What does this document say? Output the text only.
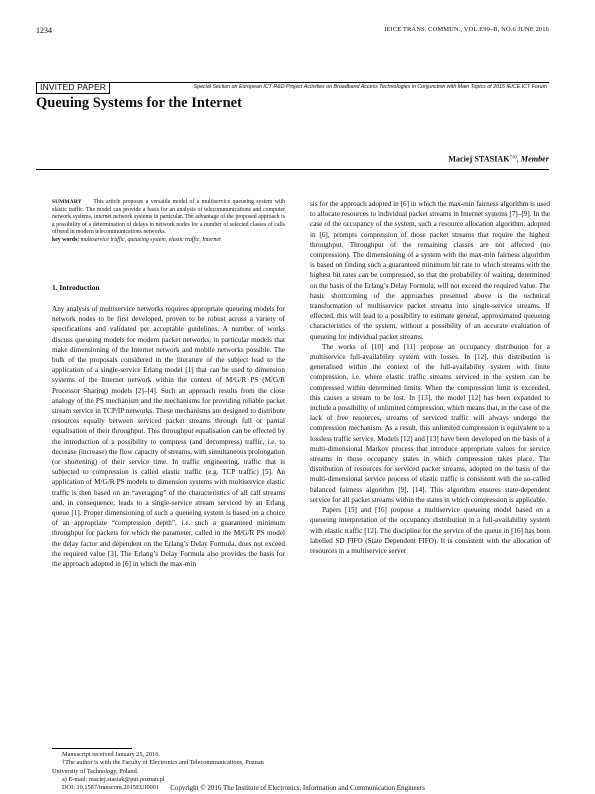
1234	IEICE TRANS. COMMUN., VOL.E99–B, NO.6 JUNE 2016
INVITED PAPER	Special Section on European ICT R&D Project Activities on Broadband Access Technologies in Conjunction with Main Topics of 2015 IEICE ICT Forum
Queuing Systems for the Internet
Maciej STASIAK$^{\dagger a)}$, Member
SUMMARY This article proposes a versatile model of a multiservice queueing system with elastic traffic. The model can provide a basis for an analysis of telecommunications and computer network systems, internet network systems in particular. The advantage of the proposed approach is a possibility of a determination of delays in network nodes for a number of selected classes of calls offered in modern telecommunications networks.
key words: multiservice traffic, queueing system, elastic traffic, Internet
1. Introduction

Any analysis of multiservice networks requires appropriate queueing models for network nodes to be first developed, proven to be robust across a variety of specifications and validated per acceptable guidelines. A number of works discuss queueing models for modern packet networks, in particular models that make dimensioning of the Internet network and mobile networks possible. The bulk of the proposals considered in the literature of the subject lead to the application of a single-service Erlang model [1] that can be used to dimension systems of the Internet network within the context of M/G/R PS (M/G/R Processor Sharing) models [2]–[4]. Such an approach results from the close analogy of the PS mechanism and the mechanisms for providing reliable packet stream service in TCP/IP networks. These mechanisms are designed to distribute resources equally between serviced packet streams through full or partial equalisation of their throughput. This throughput equalisation can be effected by the introduction of a possibility to compress (and decompress) traffic, i.e. to decrease (increase) the flow capacity of streams, with simultaneous prolongation (or shortening) of their service time. In traffic engineering, traffic that is subjected to compression is called elastic traffic (e.g. TCP traffic) [5]. An application of M/G/R PS models to dimension systems with multiservice elastic traffic is then based on an “averaging” of the characteristics of all call streams and, in consequence, leads to a single-service stream serviced by an Erlang queue [1]. Proper dimensioning of such a queueing system is based on a choice of an appropriate “compression depth”, i.e. such a guaranteed minimum throughput for packets for which the parameter, called in the M/G/R PS model the delay factor and dependent on the Erlang’s Delay Formula, does not exceed the required value [3]. The Erlang’s Delay Formula also provides the basis for the approach adopted in [6] in which the max-min

sis for the approach adopted in [6] in which the max-min fairness algorithm is used to allocate resources to individual packet streams in Internet systems [7]–[9]. In the case of the occupancy of the system, such a resource allocation algorithm, adopted in [6], prompts compression of those packet streams that require the highest throughput. Throughput of the remaining classes are not affected (no compression). The dimensioning of a system with the max-min fairness algorithm is based on finding such a guaranteed minimum bit rate to which streams with the highest bit rates can be compressed, so that the probability of waiting, determined on the basis of the Erlang’s Delay Formula, will not exceed the required value. The basic shortcoming of the approaches presented above is the technical transformation of multiservice packet streams into single-service streams. If effected, this will lead to a possibility to estimate general, approximated queueing characteristics of the system, without a possibility of an accurate evaluation of queueing for individual packet streams.

The works of [10] and [11] propose an occupancy distribution for a multiservice full-availability system with losses. In [12], this distribution is generalised within the context of the full-availability system with finite compression, i.e. where elastic traffic streams serviced in the system can be compressed within determined limits. When the compression limit is exceeded, this causes a stream to be lost. In [13], the model [12] has been expanded to include a possibility of unlimited compression, which means that, in the case of the lack of free resources, streams of serviced traffic will always undergo the compression mechanism. As a result, this unlimited compression is equivalent to a lossless traffic service. Models [12] and [13] have been developed on the basis of a multi-dimensional Markov process that introduce appropriate values for service streams in those occupancy states in which compression takes place. The distribution of resources for serviced packet streams, adopted on the basis of the multi-dimensional service process of elastic traffic is consistent with the so-called balanced fairness algorithm [9], [14]. This algorithm ensures state-dependent service for all packet streams within the states in which compression is applicable.

Papers [15] and [16] propose a multiservice queueing model based on a queueing interpretation of the occupancy distribution in a full-availability system with elastic traffic [12]. The discipline for the service of the queue in [16] has been labelled SD FIFO (State Dependent FIFO). It is consistent with the allocation of resources in a multiservice server

Manuscript received January 25, 2016.
†The author is with the Faculty of Electronics and Telecommunications, Poznan University of Technology, Poland.
a) E-mail: maciej.stasiak@put.poznan.pl
DOI: 10.1587/transcom.2015EUI0001	Copyright © 2016 The Institute of Electronics, Information and Communication Engineers
